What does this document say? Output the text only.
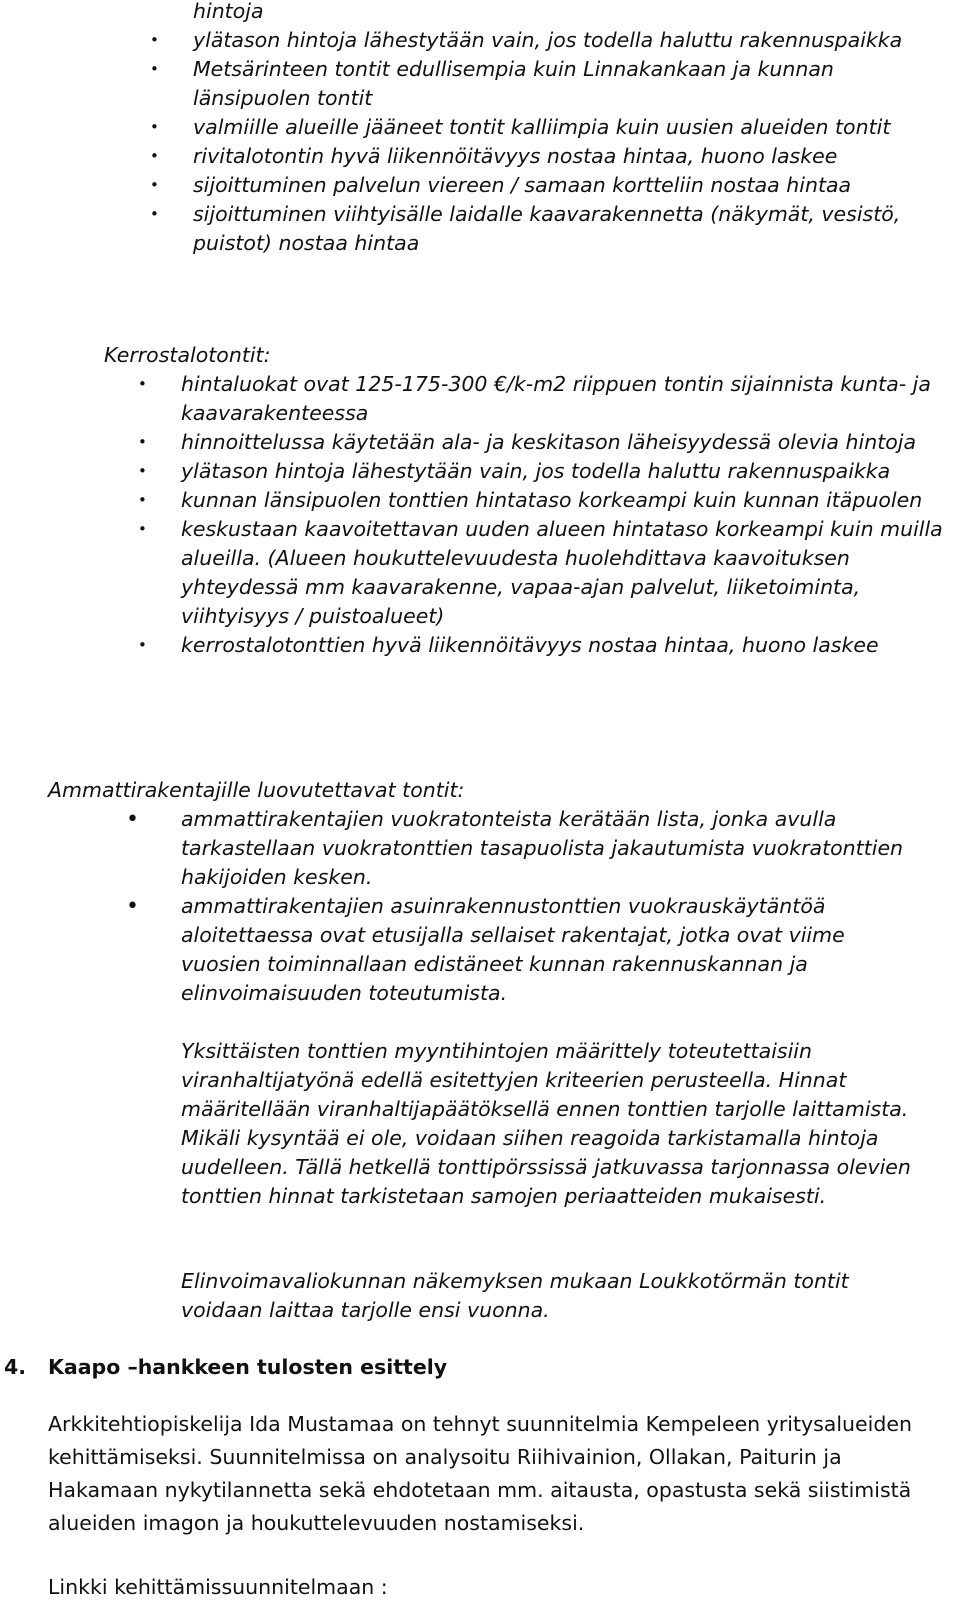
hintoja
• ylätason hintoja lähestytään vain, jos todella haluttu rakennuspaikka
• Metsärinteen tontit edullisempia kuin Linnakankaan ja kunnan länsipuolen tontit
• valmiille alueille jääneet tontit kalliimpia kuin uusien alueiden tontit
• rivitalotontin hyvä liikennöitävyys nostaa hintaa, huono laskee
• sijoittuminen palvelun viereen / samaan kortteliin nostaa hintaa
• sijoittuminen viihtyisälle laidalle kaavarakennetta (näkymät, vesistö, puistot) nostaa hintaa
Kerrostalotontit:
• hintaluokat ovat 125-175-300 €/k-m2 riippuen tontin sijainnista kunta- ja kaavarakenteessa
• hinnoittelussa käytetään ala- ja keskitason läheisyydessä olevia hintoja
• ylätason hintoja lähestytään vain, jos todella haluttu rakennuspaikka
• kunnan länsipuolen tonttien hintataso korkeampi kuin kunnan itäpuolen
• keskustaan kaavoitettavan uuden alueen hintataso korkeampi kuin muilla alueilla. (Alueen houkuttelevuudesta huolehdittava kaavoituksen yhteydessä mm kaavarakenne, vapaa-ajan palvelut, liiketoiminta, viihtyisyys / puistoalueet)
• kerrostalotonttien hyvä liikennöitävyys nostaa hintaa, huono laskee
Ammattirakentajille luovutettavat tontit:
• ammattirakentajien vuokratonteista kerätään lista, jonka avulla tarkastellaan vuokratonttien tasapuolista jakautumista vuokratonttien hakijoiden kesken.
• ammattirakentajien asuinrakennustonttien vuokrauskäytäntöä aloitettaessa ovat etusijalla sellaiset rakentajat, jotka ovat viime vuosien toiminnallaan edistäneet kunnan rakennuskannan ja elinvoimaisuuden toteutumista.
Yksittäisten tonttien myyntihintojen määrittely toteutettaisiin viranhaltijatyönä edellä esitettyjen kriteerien perusteella. Hinnat määritellään viranhaltijapäätöksellä ennen tonttien tarjolle laittamista. Mikäli kysyntää ei ole, voidaan siihen reagoida tarkistamalla hintoja uudelleen. Tällä hetkellä tonttipörssissä jatkuvassa tarjonnassa olevien tonttien hinnat tarkistetaan samojen periaatteiden mukaisesti.
Elinvoimavaliokunnan näkemyksen mukaan Loukkotörmän tontit voidaan laittaa tarjolle ensi vuonna.
4. Kaapo –hankkeen tulosten esittely
Arkkitehtiopiskelija Ida Mustamaa on tehnyt suunnitelmia Kempeleen yritysalueiden kehittämiseksi. Suunnitelmissa on analysoitu Riihivainion, Ollakan, Paiturin ja Hakamaan nykytilannetta sekä ehdotetaan mm. aitausta, opastusta sekä siistimistä alueiden imagon ja houkuttelevuuden nostamiseksi.
Linkki kehittämissuunnitelmaan :
